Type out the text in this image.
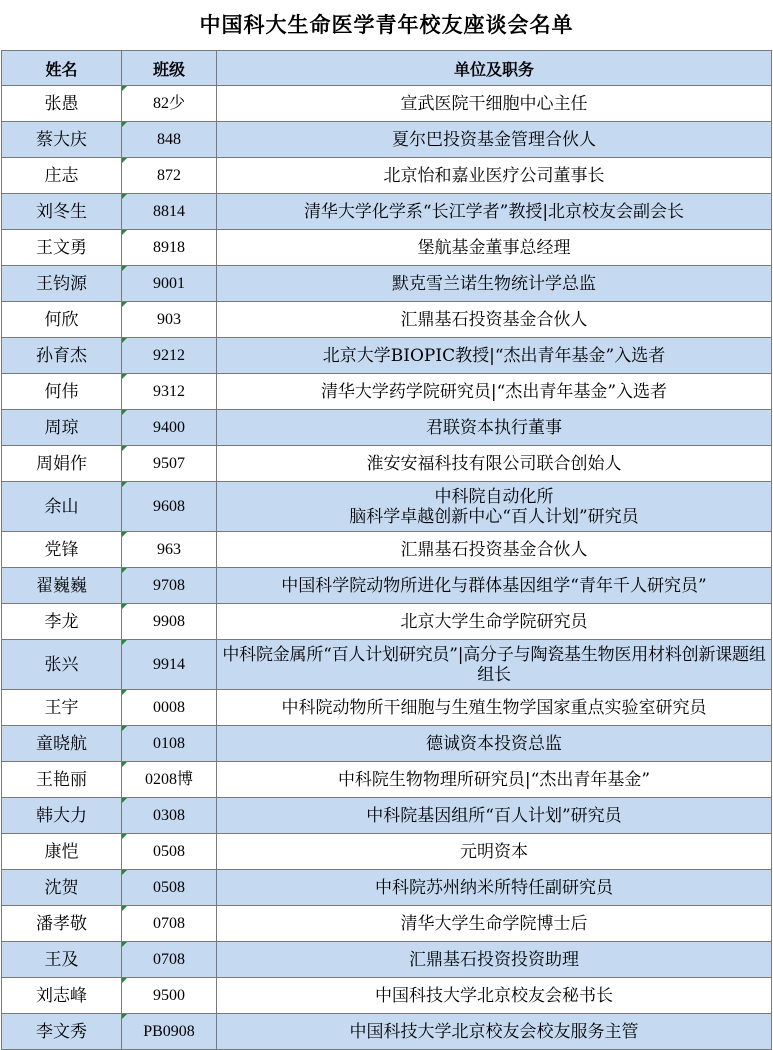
中国科大生命医学青年校友座谈会名单
姓名	班级	单位及职务
张愚	82少	宣武医院干细胞中心主任
蔡大庆	848	夏尔巴投资基金管理合伙人
庄志	872	北京怡和嘉业医疗公司董事长
刘冬生	8814	清华大学化学系“长江学者”教授|北京校友会副会长
王文勇	8918	堡航基金董事总经理
王钧源	9001	默克雪兰诺生物统计学总监
何欣	903	汇鼎基石投资基金合伙人
孙育杰	9212	北京大学BIOPIC教授|“杰出青年基金”入选者
何伟	9312	清华大学药学院研究员|“杰出青年基金”入选者
周琼	9400	君联资本执行董事
周娟作	9507	淮安安福科技有限公司联合创始人
余山	9608	中科院自动化所
脑科学卓越创新中心“百人计划”研究员
党锋	963	汇鼎基石投资基金合伙人
翟巍巍	9708	中国科学院动物所进化与群体基因组学“青年千人研究员”
李龙	9908	北京大学生命学院研究员
张兴	9914	中科院金属所“百人计划研究员”|高分子与陶瓷基生物医用材料创新课题组组长
王宇	0008	中科院动物所干细胞与生殖生物学国家重点实验室研究员
童晓航	0108	德诚资本投资总监
王艳丽	0208博	中科院生物物理所研究员|“杰出青年基金”
韩大力	0308	中科院基因组所“百人计划”研究员
康恺	0508	元明资本
沈贺	0508	中科院苏州纳米所特任副研究员
潘孝敬	0708	清华大学生命学院博士后
王及	0708	汇鼎基石投资投资助理
刘志峰	9500	中国科技大学北京校友会秘书长
李文秀	PB0908	中国科技大学北京校友会校友服务主管
